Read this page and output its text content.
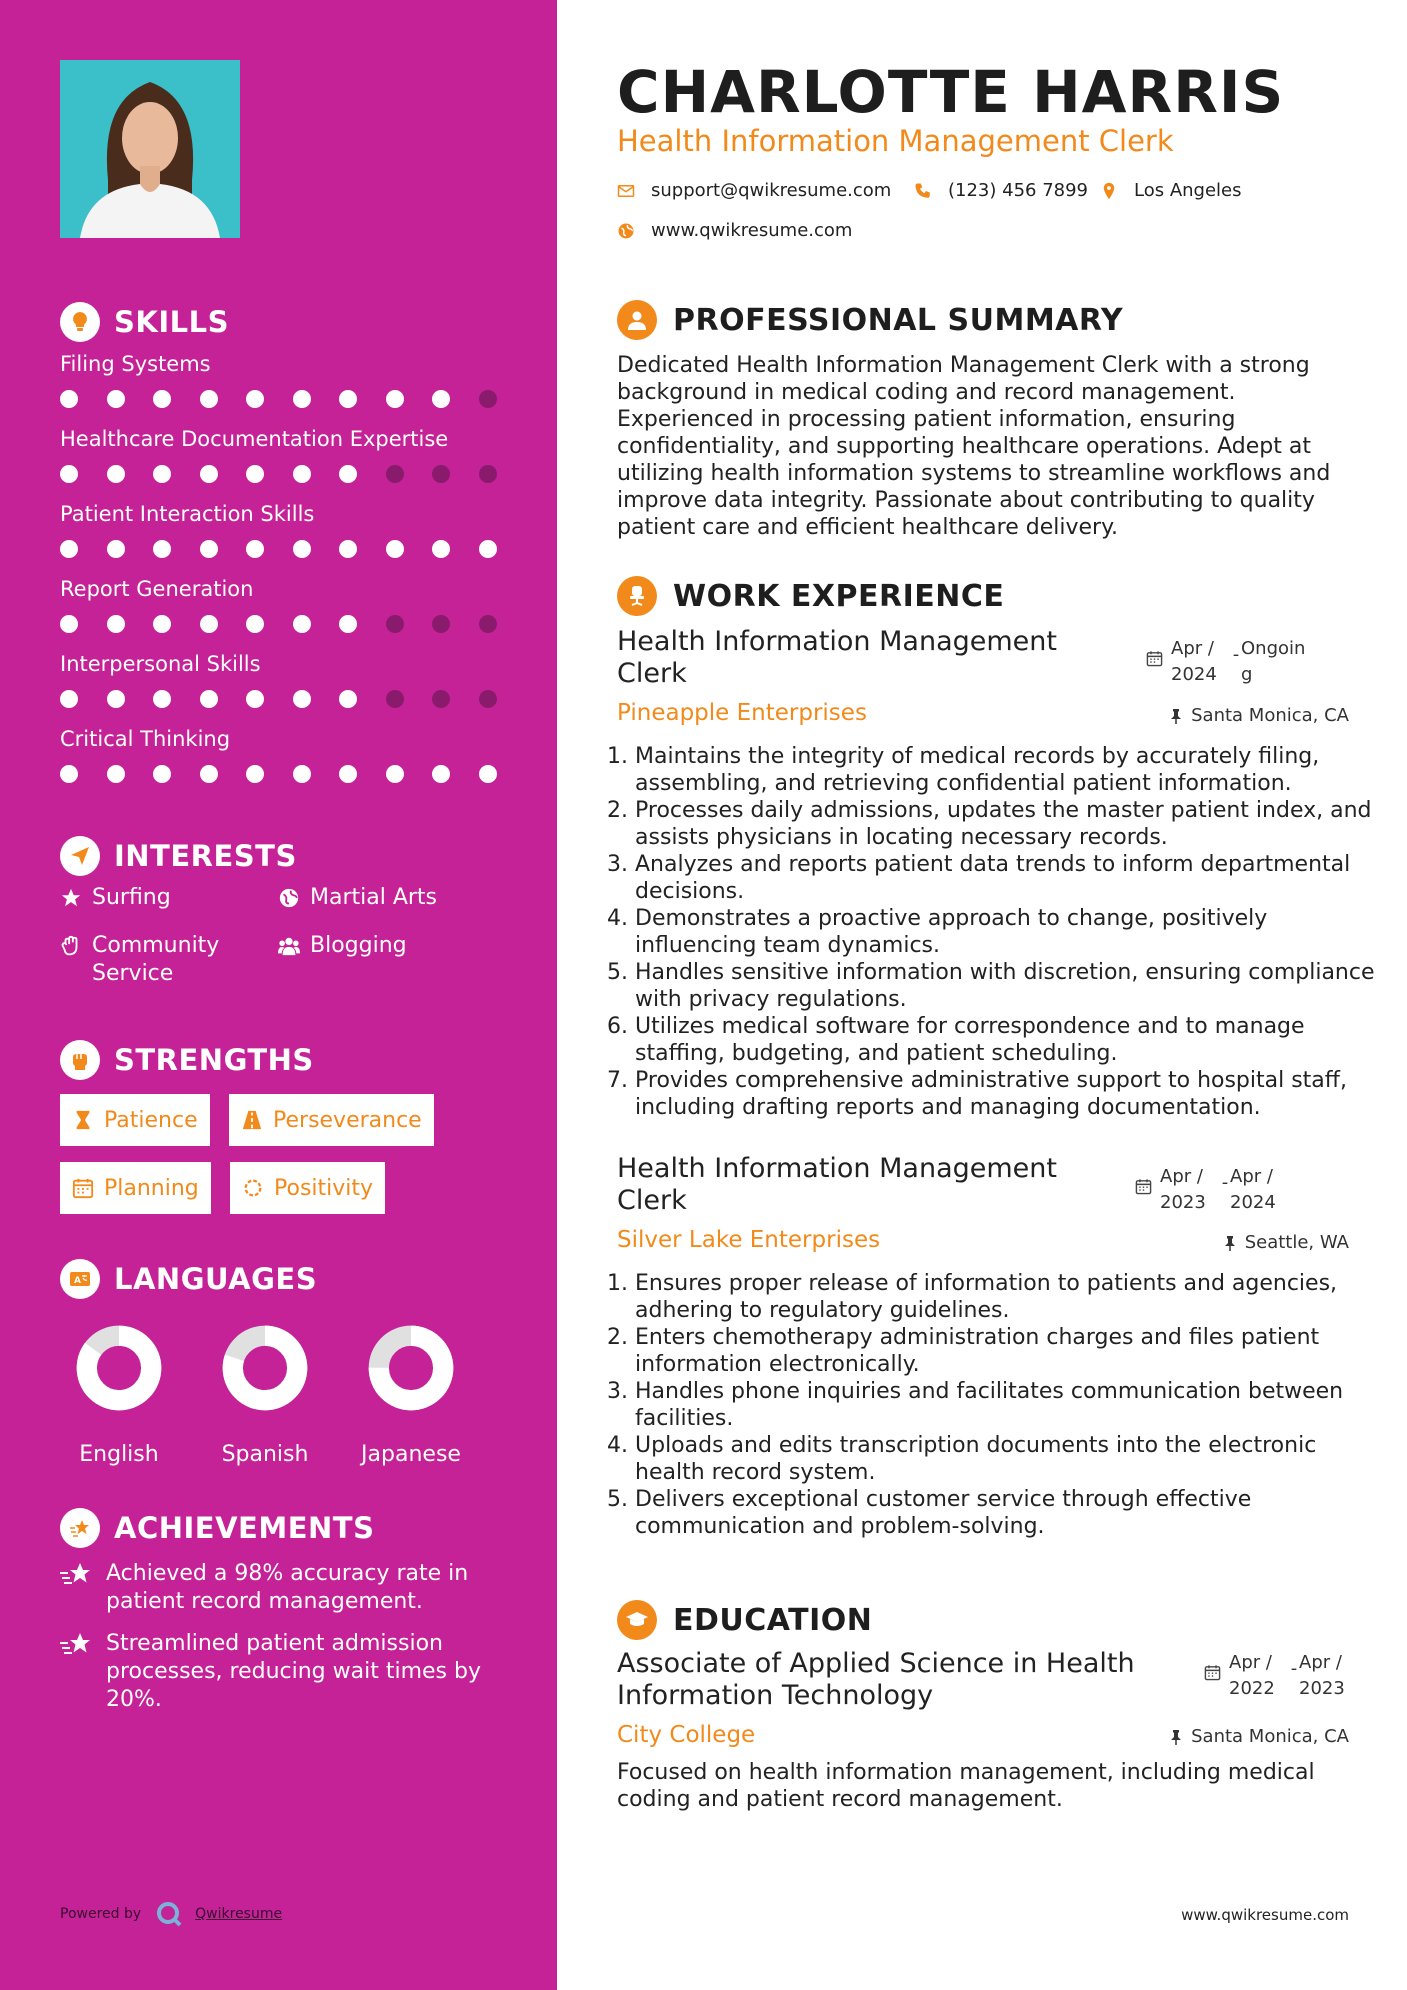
SKILLS
Filing Systems
Healthcare Documentation Expertise
Patient Interaction Skills
Report Generation
Interpersonal Skills
Critical Thinking
INTERESTS
Surfing	Martial Arts
Community Service
Blogging
STRENGTHS
Patience	Perseverance
Planning	Positivity
A LANGUAGES
English	Spanish	Japanese
ACHIEVEMENTS
Achieved a 98% accuracy rate in patient record management.
Streamlined patient admission processes, reducing wait times by 20%.
Powered by	Qwikresume
CHARLOTTE HARRIS
Health Information Management Clerk
support@qwikresume.com	(123) 456 7899	Los Angeles
www.qwikresume.com
PROFESSIONAL SUMMARY
Dedicated Health Information Management Clerk with a strong background in medical coding and record management. Experienced in processing patient information, ensuring confidentiality, and supporting healthcare operations. Adept at utilizing health information systems to streamline workflows and improve data integrity. Passionate about contributing to quality patient care and efficient healthcare delivery.
WORK EXPERIENCE
Health Information Management Clerk
Apr / 2024
- Ongoin g
Pineapple Enterprises	Santa Monica, CA
1. Maintains the integrity of medical records by accurately filing, assembling, and retrieving confidential patient information.
2. Processes daily admissions, updates the master patient index, and assists physicians in locating necessary records.
3. Analyzes and reports patient data trends to inform departmental decisions.
4. Demonstrates a proactive approach to change, positively influencing team dynamics.
5. Handles sensitive information with discretion, ensuring compliance with privacy regulations.
6. Utilizes medical software for correspondence and to manage staffing, budgeting, and patient scheduling.
7. Provides comprehensive administrative support to hospital staff, including drafting reports and managing documentation.
Health Information Management Clerk
Apr / 2023
- Apr / 2024
Silver Lake Enterprises	Seattle, WA
1. Ensures proper release of information to patients and agencies, adhering to regulatory guidelines.
2. Enters chemotherapy administration charges and files patient information electronically.
3. Handles phone inquiries and facilitates communication between facilities.
4. Uploads and edits transcription documents into the electronic health record system.
5. Delivers exceptional customer service through effective communication and problem-solving.
EDUCATION
Associate of Applied Science in Health Information Technology
Apr / 2022
- Apr / 2023
City College	Santa Monica, CA
Focused on health information management, including medical coding and patient record management.
www.qwikresume.com
